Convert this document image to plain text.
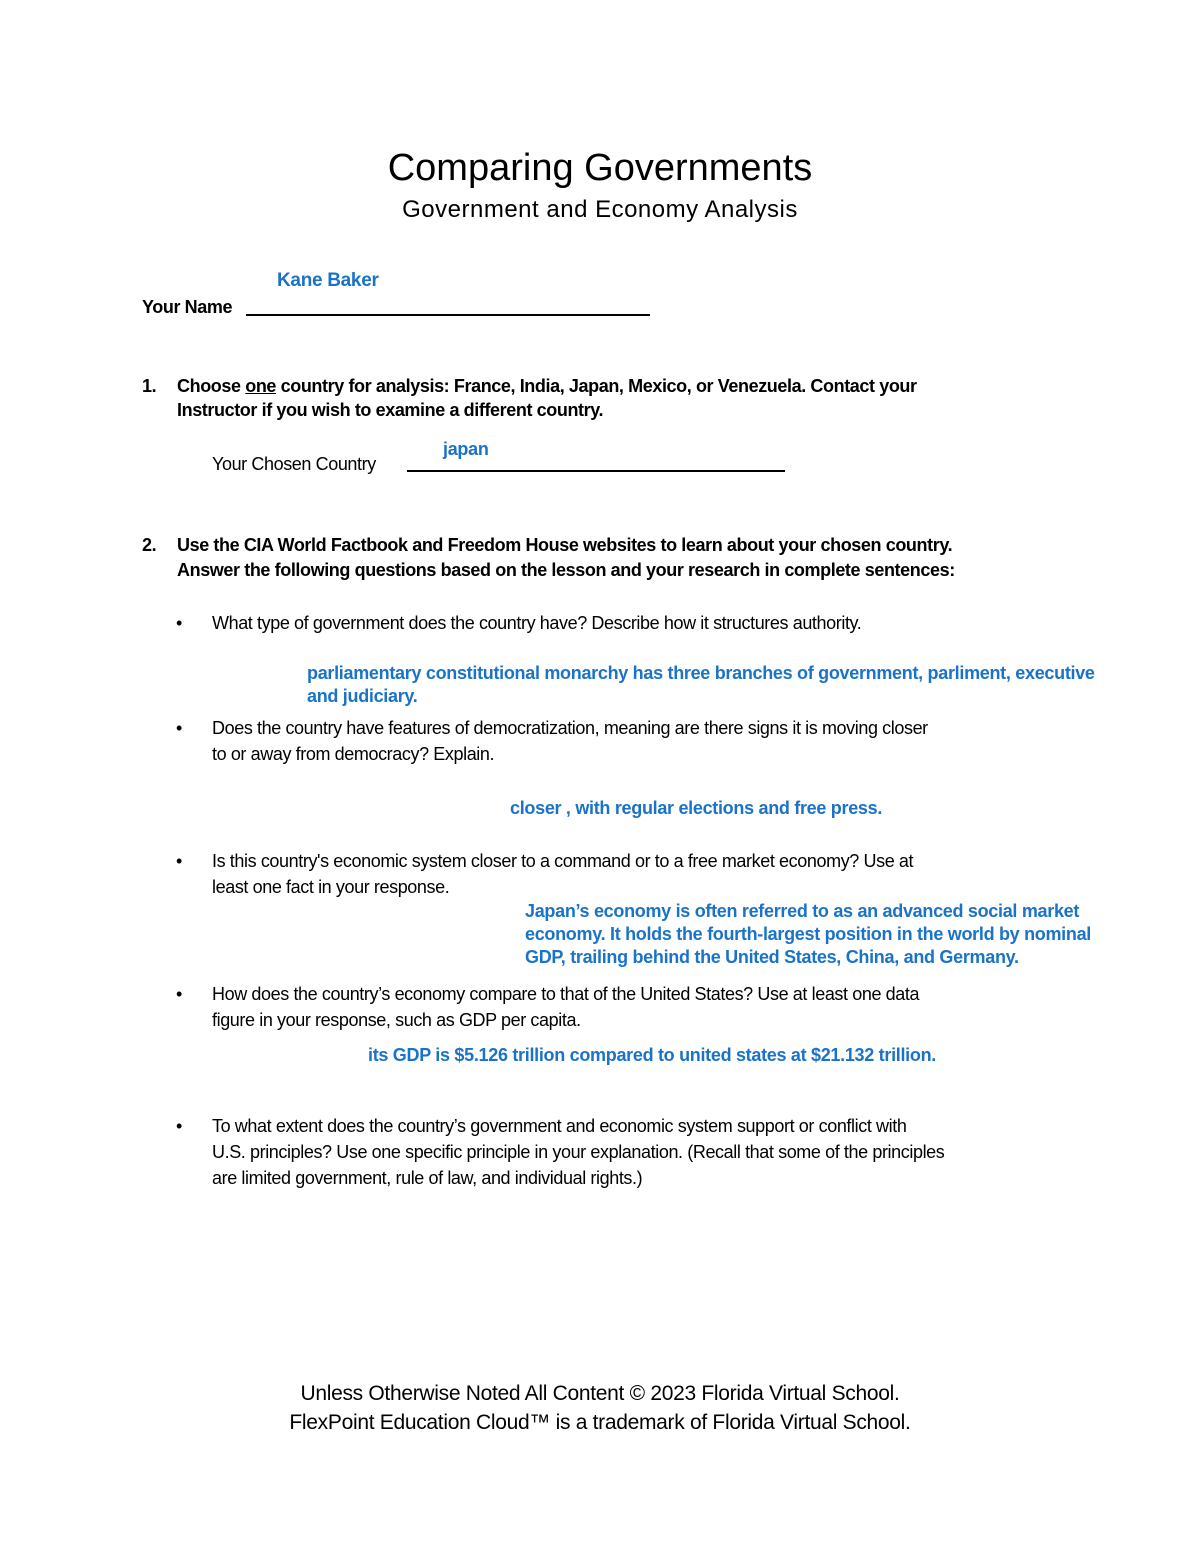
Comparing Governments
Government and Economy Analysis
Kane Baker
Your Name
1. Choose one country for analysis: France, India, Japan, Mexico, or Venezuela. Contact your
Instructor if you wish to examine a different country.
Your Chosen Country
japan
2. Use the CIA World Factbook and Freedom House websites to learn about your chosen country.
Answer the following questions based on the lesson and your research in complete sentences:
• What type of government does the country have? Describe how it structures authority.
parliamentary constitutional monarchy has three branches of government, parliment, executive
and judiciary.
• Does the country have features of democratization, meaning are there signs it is moving closer
to or away from democracy? Explain.
closer , with regular elections and free press.
• Is this country's economic system closer to a command or to a free market economy? Use at
least one fact in your response.
Japan’s economy is often referred to as an advanced social market
economy. It holds the fourth-largest position in the world by nominal
GDP, trailing behind the United States, China, and Germany.
• How does the country’s economy compare to that of the United States? Use at least one data
figure in your response, such as GDP per capita.
its GDP is $5.126 trillion compared to united states at $21.132 trillion.
• To what extent does the country’s government and economic system support or conflict with
U.S. principles? Use one specific principle in your explanation. (Recall that some of the principles
are limited government, rule of law, and individual rights.)
Unless Otherwise Noted All Content © 2023 Florida Virtual School.
FlexPoint Education Cloud™ is a trademark of Florida Virtual School.
